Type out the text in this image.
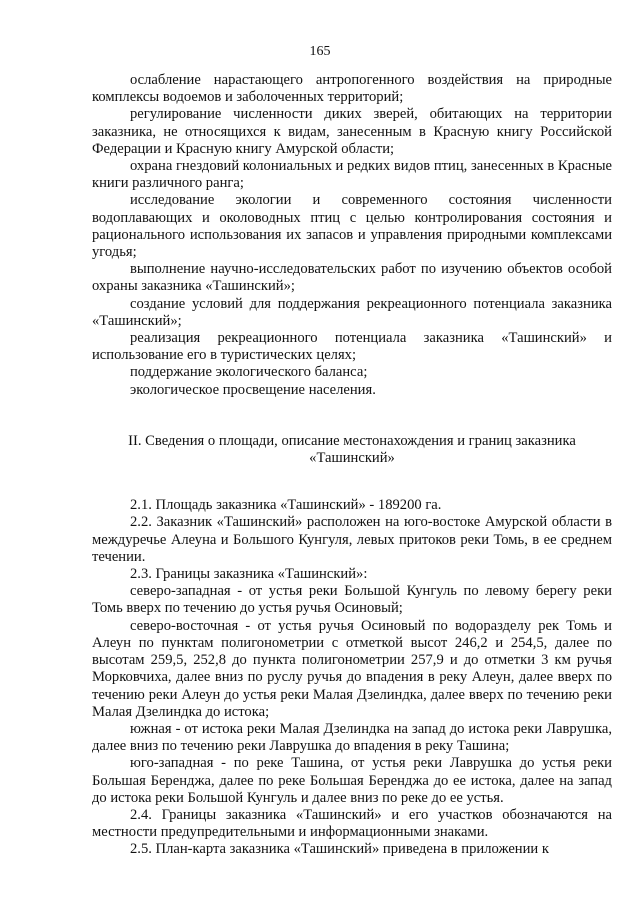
165

ослабление нарастающего антропогенного воздействия на природные комплексы водоемов и заболоченных территорий;

регулирование численности диких зверей, обитающих на территории заказника, не относящихся к видам, занесенным в Красную книгу Российской Федерации и Красную книгу Амурской области;

охрана гнездовий колониальных и редких видов птиц, занесенных в Красные книги различного ранга;

исследование экологии и современного состояния численности водоплавающих и околоводных птиц с целью контролирования состояния и рационального использования их запасов и управления природными комплексами угодья;

выполнение научно-исследовательских работ по изучению объектов особой охраны заказника «Ташинский»;

создание условий для поддержания рекреационного потенциала заказника «Ташинский»;

реализация рекреационного потенциала заказника «Ташинский» и использование его в туристических целях;

поддержание экологического баланса;

экологическое просвещение населения.

II. Сведения о площади, описание местонахождения и границ заказника
«Ташинский»

2.1. Площадь заказника «Ташинский» - 189200 га.

2.2. Заказник «Ташинский» расположен на юго-востоке Амурской области в междуречье Алеуна и Большого Кунгуля, левых притоков реки Томь, в ее среднем течении.

2.3. Границы заказника «Ташинский»:

северо-западная - от устья реки Большой Кунгуль по левому берегу реки Томь вверх по течению до устья ручья Осиновый;

северо-восточная - от устья ручья Осиновый по водоразделу рек Томь и Алеун по пунктам полигонометрии с отметкой высот 246,2 и 254,5, далее по высотам 259,5, 252,8 до пункта полигонометрии 257,9 и до отметки 3 км ручья Морковчиха, далее вниз по руслу ручья до впадения в реку Алеун, далее вверх по течению реки Алеун до устья реки Малая Дзелиндка, далее вверх по течению реки Малая Дзелиндка до истока;

южная - от истока реки Малая Дзелиндка на запад до истока реки Лаврушка, далее вниз по течению реки Лаврушка до впадения в реку Ташина;

юго-западная - по реке Ташина, от устья реки Лаврушка до устья реки Большая Беренджа, далее по реке Большая Беренджа до ее истока, далее на запад до истока реки Большой Кунгуль и далее вниз по реке до ее устья.

2.4. Границы заказника «Ташинский» и его участков обозначаются на местности предупредительными и информационными знаками.

2.5. План-карта заказника «Ташинский» приведена в приложении к
